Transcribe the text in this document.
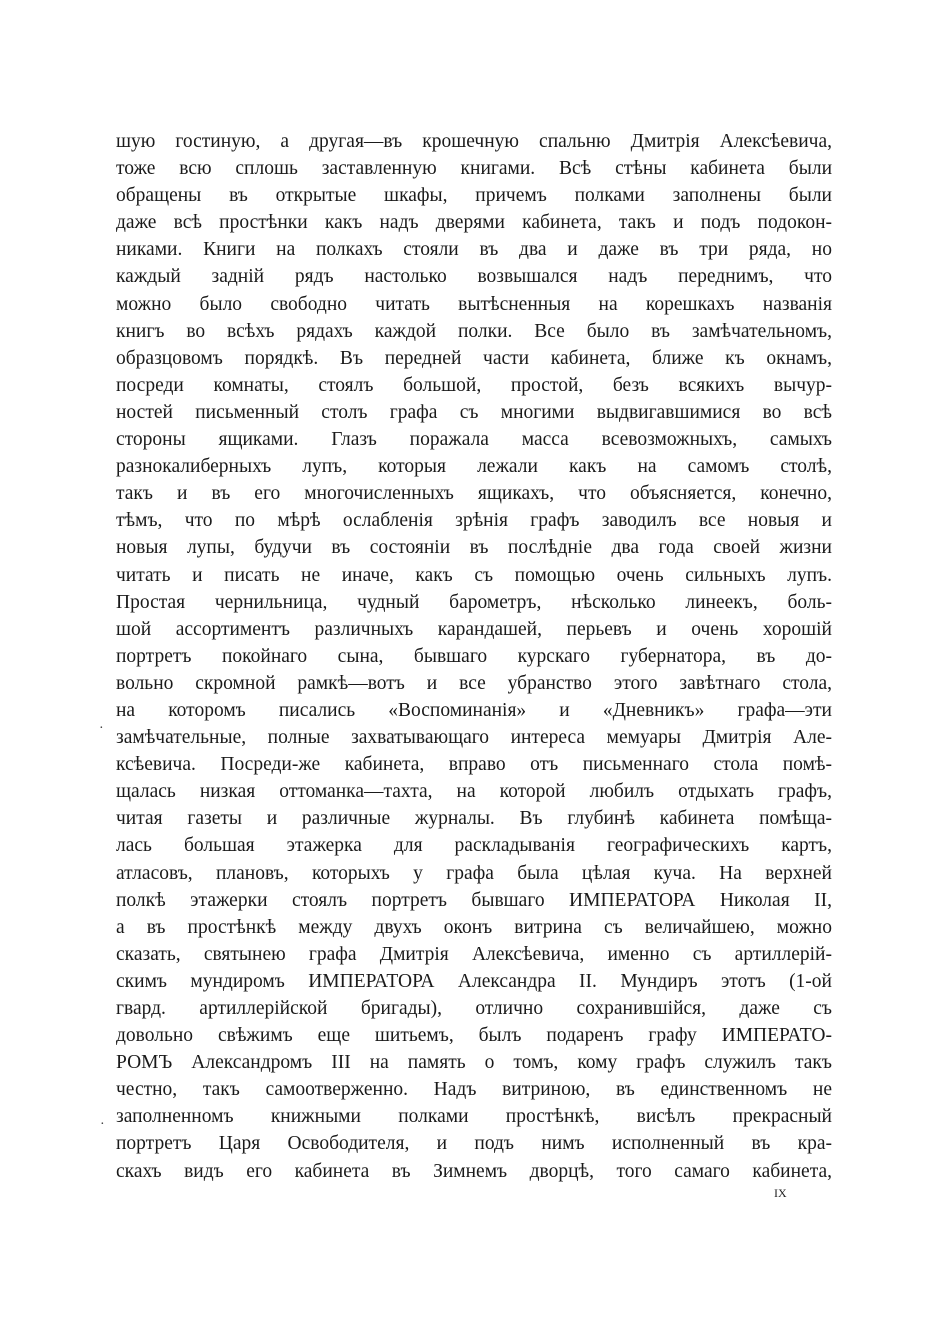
шую гостиную, а другая—въ крошечную спальню Дмитрія Алексѣевича,
тоже всю сплошь заставленную книгами. Всѣ стѣны кабинета были
обращены въ открытые шкафы, причемъ полками заполнены были
даже всѣ простѣнки какъ надъ дверями кабинета, такъ и подъ подокон-
никами. Книги на полкахъ стояли въ два и даже въ три ряда, но
каждый задній рядъ настолько возвышался надъ переднимъ, что
можно было свободно читать вытѣсненныя на корешкахъ названія
книгъ во всѣхъ рядахъ каждой полки. Все было въ замѣчательномъ,
образцовомъ порядкѣ. Въ передней части кабинета, ближе къ окнамъ,
посреди комнаты, стоялъ большой, простой, безъ всякихъ вычур-
ностей письменный столъ графа съ многими выдвигавшимися во всѣ
стороны ящиками. Глазъ поражала масса всевозможныхъ, самыхъ
разнокалиберныхъ лупъ, которыя лежали какъ на самомъ столѣ,
такъ и въ его многочисленныхъ ящикахъ, что объясняется, конечно,
тѣмъ, что по мѣрѣ ослабленія зрѣнія графъ заводилъ все новыя и
новыя лупы, будучи въ состояніи въ послѣдніе два года своей жизни
читать и писать не иначе, какъ съ помощью очень сильныхъ лупъ.
Простая чернильница, чудный барометръ, нѣсколько линеекъ, боль-
шой ассортиментъ различныхъ карандашей, перьевъ и очень хорошій
портретъ покойнаго сына, бывшаго курскаго губернатора, въ до-
вольно скромной рамкѣ—вотъ и все убранство этого завѣтнаго стола,
на которомъ писались «Воспоминанія» и «Дневникъ» графа—эти
замѣчательные, полные захватывающаго интереса мемуары Дмитрія Але-
ксѣевича. Посреди-же кабинета, вправо отъ письменнаго стола помѣ-
щалась низкая оттоманка—тахта, на которой любилъ отдыхать графъ,
читая газеты и различные журналы. Въ глубинѣ кабинета помѣща-
лась большая этажерка для раскладыванія географическихъ картъ,
атласовъ, плановъ, которыхъ у графа была цѣлая куча. На верхней
полкѣ этажерки стоялъ портретъ бывшаго ИМПЕРАТОРА Николая II,
а въ простѣнкѣ между двухъ оконъ витрина съ величайшею, можно
сказать, святынею графа Дмитрія Алексѣевича, именно съ артиллерій-
скимъ мундиромъ ИМПЕРАТОРА Александра II. Мундиръ этотъ (1-ой
гвард. артиллерійской бригады), отлично сохранившійся, даже съ
довольно свѣжимъ еще шитьемъ, былъ подаренъ графу ИМПЕРАТО-
РОМЪ Александромъ III на память о томъ, кому графъ служилъ такъ
честно, такъ самоотверженно. Надъ витриною, въ единственномъ не
заполненномъ книжными полками простѣнкѣ, висѣлъ прекрасный
портретъ Царя Освободителя, и подъ нимъ исполненный въ кра-
скахъ видъ его кабинета въ Зимнемъ дворцѣ, того самаго кабинета,
·
·
IX
